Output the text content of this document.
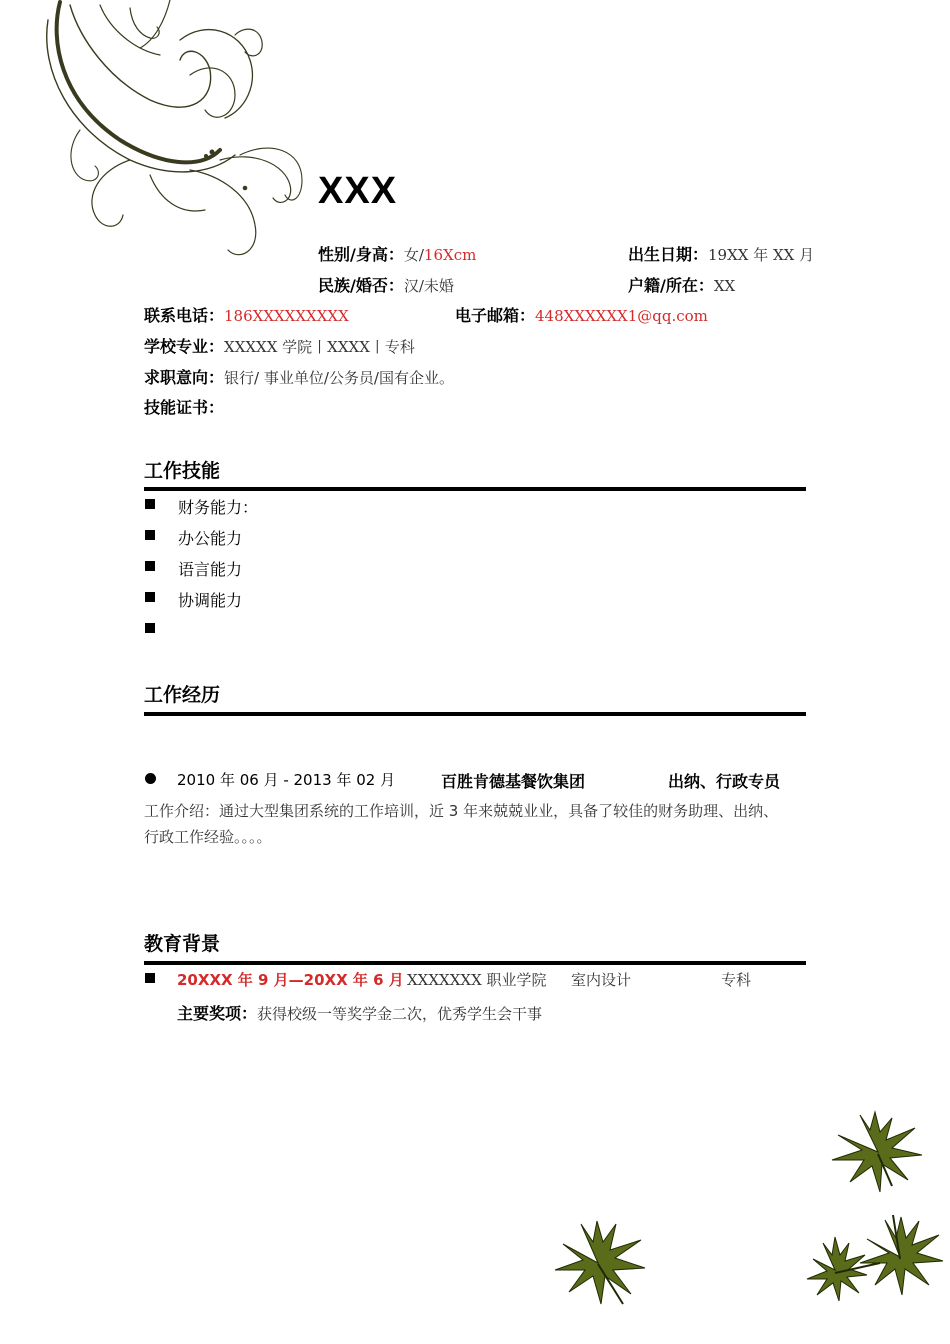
XXX
性别/身高：女/16Xcm	出生日期：19XX 年 XX 月
民族/婚否：汉/未婚	户籍/所在：XX
联系电话：186XXXXXXXXX	电子邮箱：448XXXXXX1@qq.com
学校专业：XXXXX 学院丨XXXX丨专科
求职意向：银行/ 事业单位/公务员/国有企业。
技能证书：
工作技能
财务能力：
办公能力
语言能力
协调能力
工作经历
2010 年 06 月 - 2013 年 02 月	百胜肯德基餐饮集团	出纳、行政专员
工作介绍：通过大型集团系统的工作培训，近 3 年来兢兢业业，具备了较佳的财务助理、出纳、
行政工作经验。。。。
教育背景
20XXX 年 9 月—20XX 年 6 月 XXXXXXX 职业学院 室内设计	专科
主要奖项：获得校级一等奖学金二次，优秀学生会干事
